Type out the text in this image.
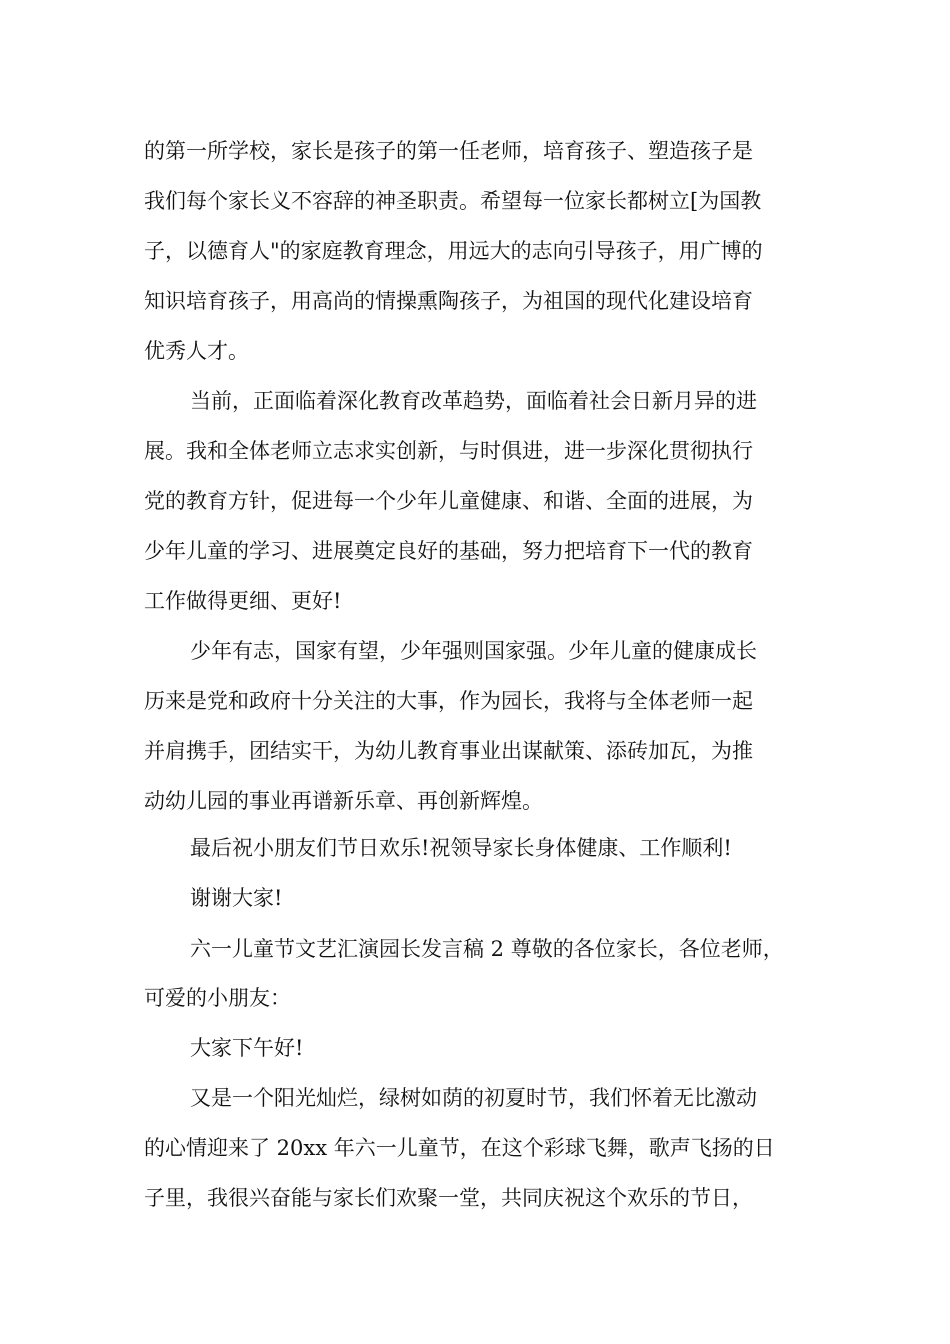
的第一所学校，家长是孩子的第一任老师，培育孩子、塑造孩子是
我们每个家长义不容辞的神圣职责。希望每一位家长都树立[为国教
子，以德育人"的家庭教育理念，用远大的志向引导孩子，用广博的
知识培育孩子，用高尚的情操熏陶孩子，为祖国的现代化建设培育
优秀人才。
当前，正面临着深化教育改革趋势，面临着社会日新月异的进
展。我和全体老师立志求实创新，与时俱进，进一步深化贯彻执行
党的教育方针，促进每一个少年儿童健康、和谐、全面的进展，为
少年儿童的学习、进展奠定良好的基础，努力把培育下一代的教育
工作做得更细、更好!
少年有志，国家有望，少年强则国家强。少年儿童的健康成长
历来是党和政府十分关注的大事，作为园长，我将与全体老师一起
并肩携手，团结实干，为幼儿教育事业出谋献策、添砖加瓦，为推
动幼儿园的事业再谱新乐章、再创新辉煌。
最后祝小朋友们节日欢乐!祝领导家长身体健康、工作顺利!
谢谢大家!
六一儿童节文艺汇演园长发言稿 2 尊敬的各位家长，各位老师，
可爱的小朋友：
大家下午好!
又是一个阳光灿烂，绿树如荫的初夏时节，我们怀着无比激动
的心情迎来了 20xx 年六一儿童节，在这个彩球飞舞，歌声飞扬的日
子里，我很兴奋能与家长们欢聚一堂，共同庆祝这个欢乐的节日，
